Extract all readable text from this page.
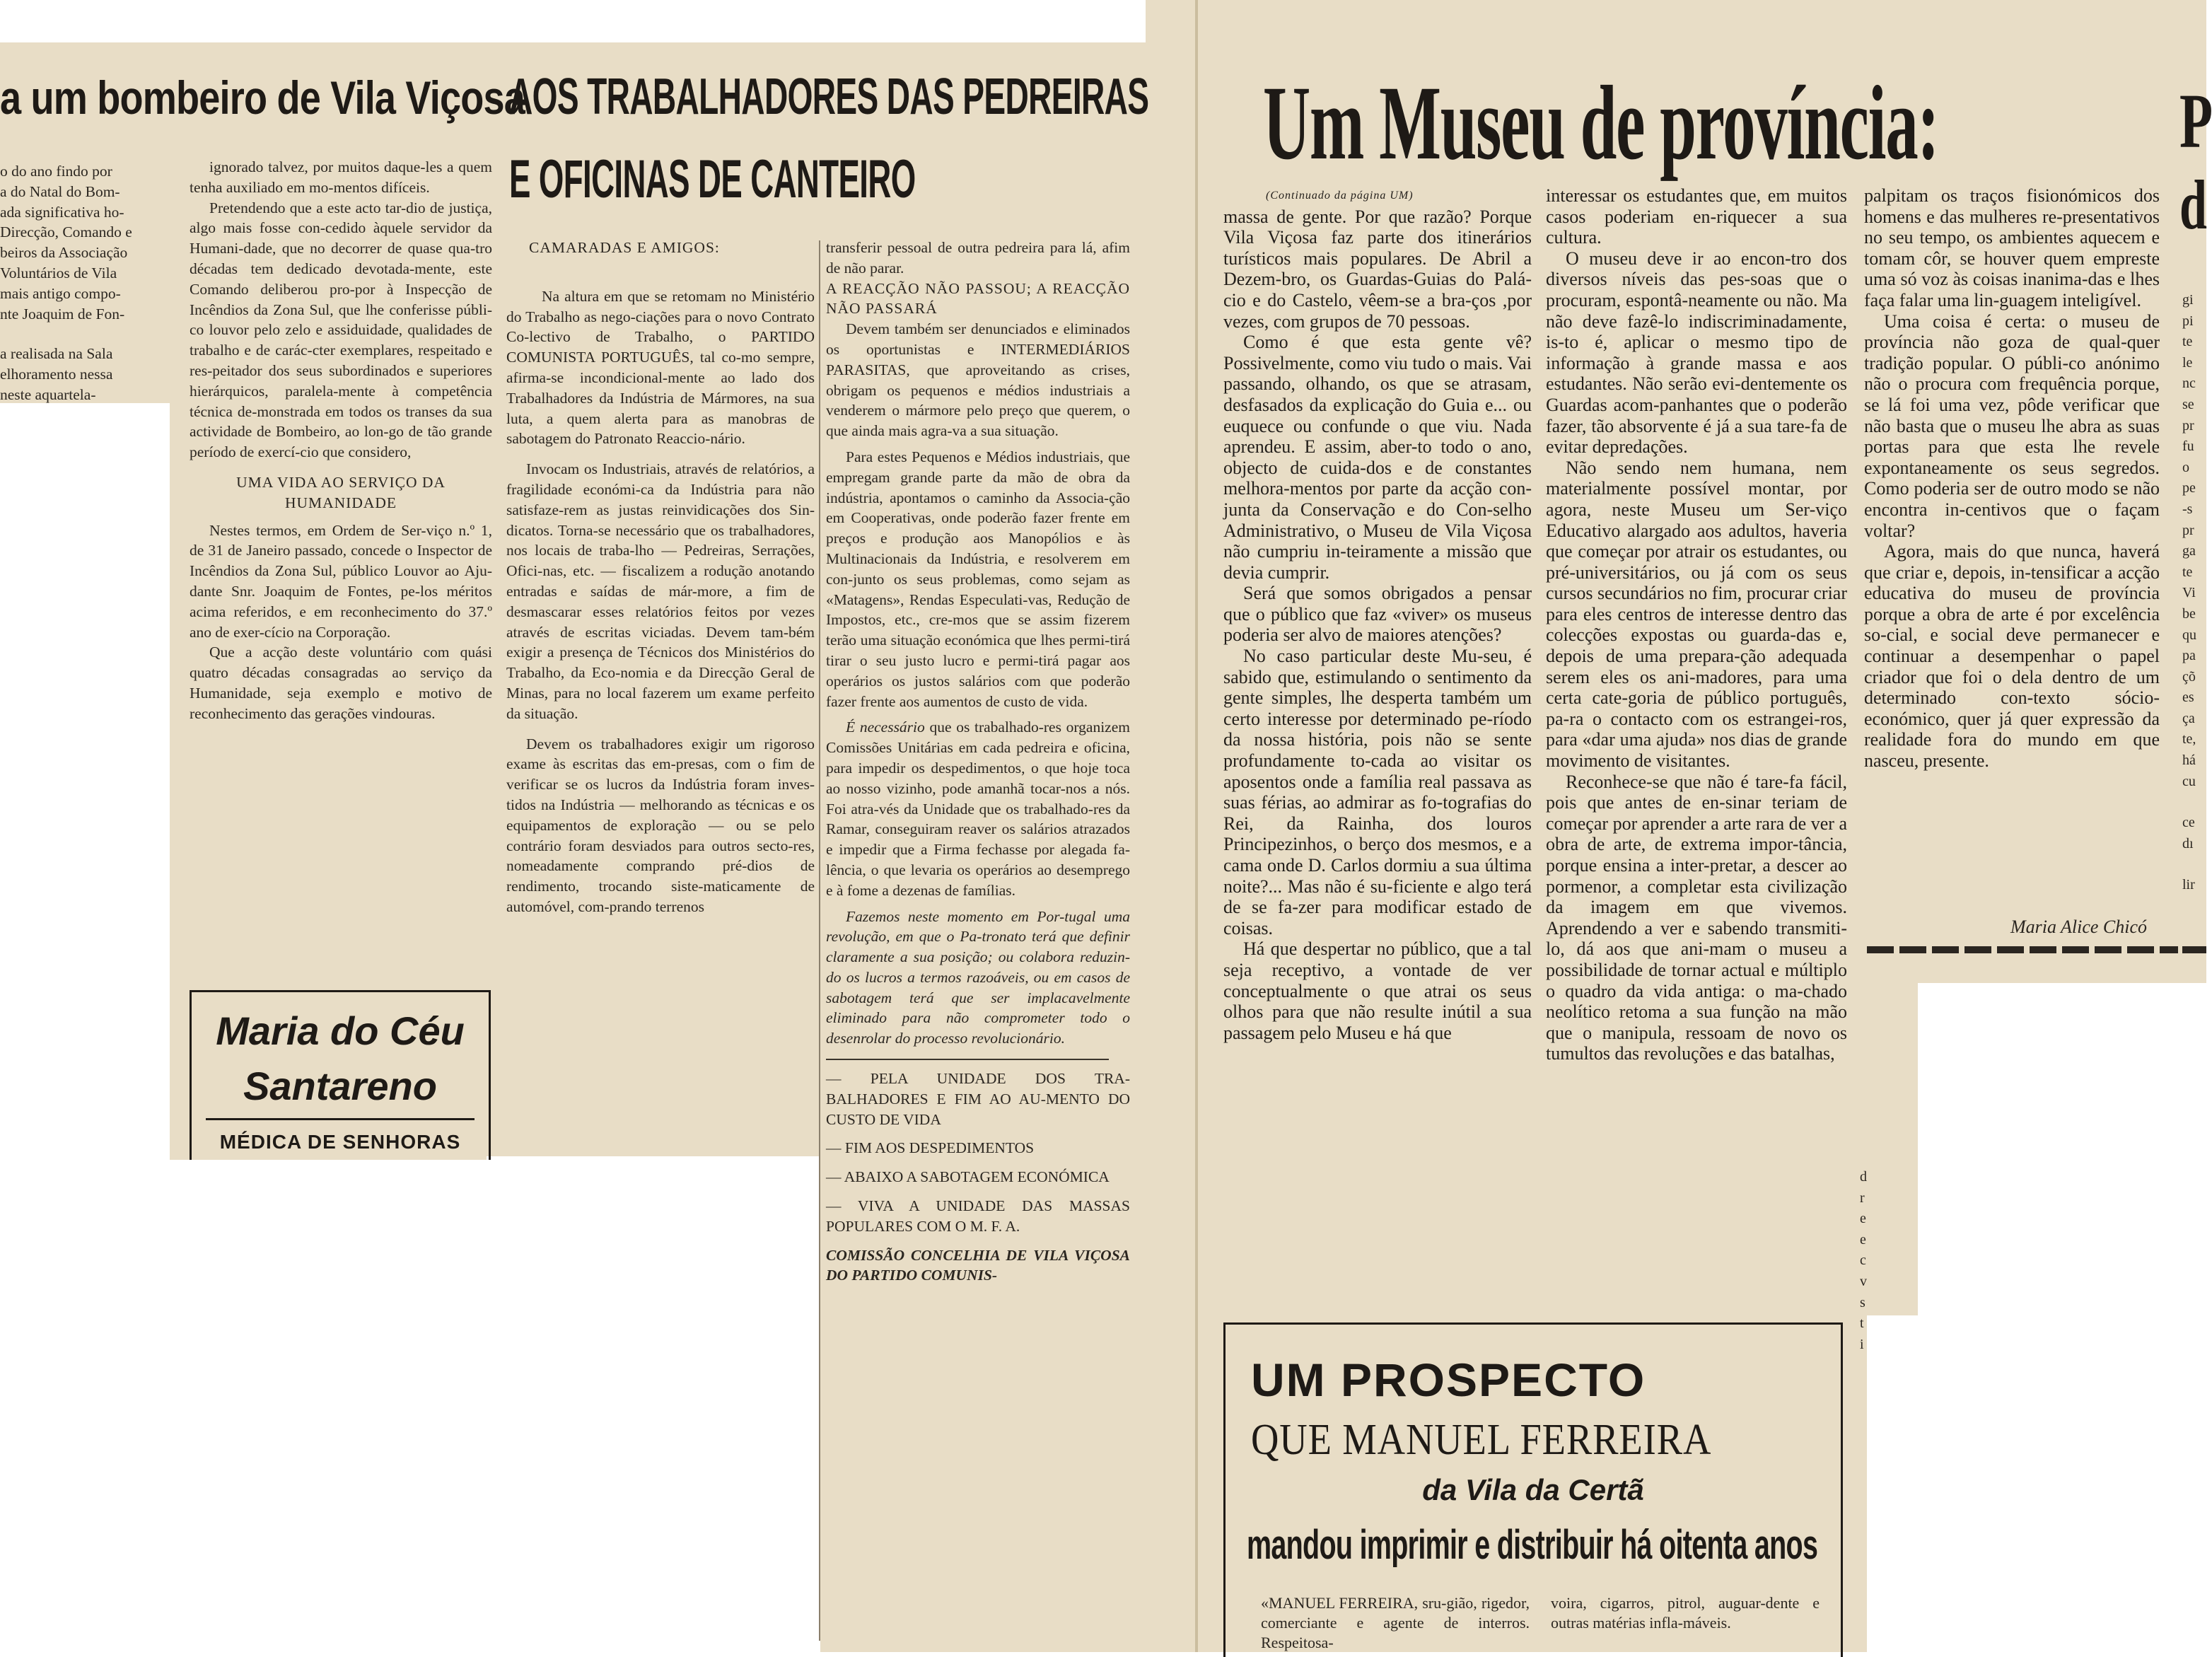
a um bombeiro de Vila Viçosa
o do ano findo por
a do Natal do Bom-
ada significativa ho-
Direcção, Comando e
beiros da Associação
Voluntários de Vila
mais antigo compo-
nte Joaquim de Fon-
a realisada na Sala
elhoramento nessa
neste aquartela-

ignorado talvez, por muitos daque-les a quem tenha auxiliado em mo-mentos difíceis.

Pretendendo que a este acto tar-dio de justiça, algo mais fosse con-cedido àquele servidor da Humani-dade, que no decorrer de quase qua-tro décadas tem dedicado devotada-mente, este Comando deliberou pro-por à Inspecção de Incêndios da Zona Sul, que lhe conferisse públi-co louvor pelo zelo e assiduidade, qualidades de trabalho e de carác-cter exemplares, respeitado e res-peitador dos seus subordinados e superiores hierárquicos, paralela-mente à competência técnica de-monstrada em todos os transes da sua actividade de Bombeiro, ao lon-go de tão grande período de exercí-cio que considero,

UMA VIDA AO SERVIÇO DA HUMANIDADE

Nestes termos, em Ordem de Ser-viço n.º 1, de 31 de Janeiro passado, concede o Inspector de Incêndios da Zona Sul, público Louvor ao Aju-dante Snr. Joaquim de Fontes, pe-los méritos acima referidos, e em reconhecimento do 37.º ano de exer-cício na Corporação.

Que a acção deste voluntário com quási quatro décadas consagradas ao serviço da Humanidade, seja exemplo e motivo de reconhecimento das gerações vindouras.

Maria do Céu
Santareno
MÉDICA DE SENHORAS
AOS TRABALHADORES DAS PEDREIRAS
E OFICINAS DE CANTEIRO

CAMARADAS E AMIGOS:

Na altura em que se retomam no Ministério do Trabalho as nego-ciações para o novo Contrato Co-lectivo de Trabalho, o PARTIDO COMUNISTA PORTUGUÊS, tal co-mo sempre, afirma-se incondicional-mente ao lado dos Trabalhadores da Indústria de Mármores, na sua luta, a quem alerta para as manobras de sabotagem do Patronato Reaccio-nário.

Invocam os Industriais, através de relatórios, a fragilidade económi-ca da Indústria para não satisfaze-rem as justas reinvidicações dos Sin-dicatos. Torna-se necessário que os trabalhadores, nos locais de traba-lho — Pedreiras, Serrações, Ofici-nas, etc. — fiscalizem a rodução anotando entradas e saídas de már-more, a fim de desmascarar esses relatórios feitos por vezes através de escritas viciadas. Devem tam-bém exigir a presença de Técnicos dos Ministérios do Trabalho, da Eco-nomia e da Direcção Geral de Minas, para no local fazerem um exame perfeito da situação.

Devem os trabalhadores exigir um rigoroso exame às escritas das em-presas, com o fim de verificar se os lucros da Indústria foram inves-tidos na Indústria — melhorando as técnicas e os equipamentos de exploração — ou se pelo contrário foram desviados para outros secto-res, nomeadamente comprando pré-dios de rendimento, trocando siste-maticamente de automóvel, com-prando terrenos

transferir pessoal de outra pedreira para lá, afim de não parar.

A REACÇÃO NÃO PASSOU; A REACÇÃO NÃO PASSARÁ

Devem também ser denunciados e eliminados os oportunistas e INTERMEDIÁRIOS PARASITAS, que aproveitando as crises, obrigam os pequenos e médios industriais a venderem o mármore pelo preço que querem, o que ainda mais agra-va a sua situação.

Para estes Pequenos e Médios industriais, que empregam grande parte da mão de obra da indústria, apontamos o caminho da Associa-ção em Cooperativas, onde poderão fazer frente em preços e produção aos Manopólios e às Multinacionais da Indústria, e resolverem em con-junto os seus problemas, como sejam as «Matagens», Rendas Especulati-vas, Redução de Impostos, etc., cre-mos que se assim fizerem terão uma situação económica que lhes permi-tirá tirar o seu justo lucro e permi-tirá pagar aos operários os justos salários com que poderão fazer frente aos aumentos de custo de vida.

É necessário que os trabalhado-res organizem Comissões Unitárias em cada pedreira e oficina, para impedir os despedimentos, o que hoje toca ao nosso vizinho, pode amanhã tocar-nos a nós. Foi atra-vés da Unidade que os trabalhado-res da Ramar, conseguiram reaver os salários atrazados e impedir que a Firma fechasse por alegada fa-lência, o que levaria os operários ao desemprego e à fome a dezenas de famílias.

Fazemos neste momento em Por-tugal uma revolução, em que o Pa-tronato terá que definir claramente a sua posição; ou colabora reduzin-do os lucros a termos razoáveis, ou em casos de sabotagem terá que ser implacavelmente eliminado para não comprometer todo o desenrolar do processo revolucionário.

— PELA UNIDADE DOS TRA-BALHADORES E FIM AO AU-MENTO DO CUSTO DE VIDA

— FIM AOS DESPEDIMENTOS

— ABAIXO A SABOTAGEM ECONÓMICA

— VIVA A UNIDADE DAS MASSAS POPULARES COM O M. F. A.

COMISSÃO CONCELHIA DE VILA VIÇOSA DO PARTIDO COMUNIS-

Um Museu de província:	P
d

(Continuado da página UM)

massa de gente. Por que razão? Porque Vila Viçosa faz parte dos itinerários turísticos mais populares. De Abril a Dezem-bro, os Guardas-Guias do Palá-cio e do Castelo, vêem-se a bra-ços ,por vezes, com grupos de 70 pessoas.

Como é que esta gente vê? Possivelmente, como viu tudo o mais. Vai passando, olhando, os que se atrasam, desfasados da explicação do Guia e... ou euquece ou confunde o que viu. Nada aprendeu. E assim, aber-to todo o ano, objecto de cuida-dos e de constantes melhora-mentos por parte da acção con-junta da Conservação e do Con-selho Administrativo, o Museu de Vila Viçosa não cumpriu in-teiramente a missão que devia cumprir.

Será que somos obrigados a pensar que o público que faz «viver» os museus poderia ser alvo de maiores atenções?

No caso particular deste Mu-seu, é sabido que, estimulando o sentimento da gente simples, lhe desperta também um certo interesse por determinado pe-ríodo da nossa história, pois não se sente profundamente to-cada ao visitar os aposentos onde a família real passava as suas férias, ao admirar as fo-tografias do Rei, da Rainha, dos louros Principezinhos, o berço dos mesmos, e a cama onde D. Carlos dormiu a sua última noite?... Mas não é su-ficiente e algo terá de se fa-zer para modificar estado de coisas.

Há que despertar no público, que a tal seja receptivo, a vontade de ver conceptualmente o que atrai os seus olhos para que não resulte inútil a sua passagem pelo Museu e há que

interessar os estudantes que, em muitos casos poderiam en-riquecer a sua cultura.

O museu deve ir ao encon-tro dos diversos níveis das pes-soas que o procuram, espontâ-neamente ou não. Ma não deve fazê-lo indiscriminadamente, is-to é, aplicar o mesmo tipo de informação à grande massa e aos estudantes. Não serão evi-dentemente os Guardas acom-panhantes que o poderão fazer, tão absorvente é já a sua tare-fa de evitar depredações.

Não sendo nem humana, nem materialmente possível montar, por agora, neste Museu um Ser-viço Educativo alargado aos adultos, haveria que começar por atrair os estudantes, ou pré-universitários, ou já com os seus cursos secundários no fim, procurar criar para eles centros de interesse dentro das colecções expostas ou guarda-das e, depois de uma prepara-ção adequada serem eles os ani-madores, para uma certa cate-goria de público português, pa-ra o contacto com os estrangei-ros, para «dar uma ajuda» nos dias de grande movimento de visitantes.

Reconhece-se que não é tare-fa fácil, pois que antes de en-sinar teriam de começar por aprender a arte rara de ver a obra de arte, de extrema impor-tância, porque ensina a inter-pretar, a descer ao pormenor, a completar esta civilização da imagem em que vivemos. Aprendendo a ver e sabendo transmiti-lo, dá aos que ani-mam o museu a possibilidade de tornar actual e múltiplo o quadro da vida antiga: o ma-chado neolítico retoma a sua função na mão que o manipula, ressoam de novo os tumultos das revoluções e das batalhas,

palpitam os traços fisionómicos dos homens e das mulheres re-presentativos no seu tempo, os ambientes aquecem e tomam côr, se houver quem empreste uma só voz às coisas inanima-das e lhes faça falar uma lin-guagem inteligível.

Uma coisa é certa: o museu de província não goza de qual-quer tradição popular. O públi-co anónimo não o procura com frequência porque, se lá foi uma vez, pôde verificar que não basta que o museu lhe abra as suas portas para que esta lhe revele expontaneamente os seus segredos. Como poderia ser de outro modo se não encontra in-centivos que o façam voltar?

Agora, mais do que nunca, haverá que criar e, depois, in-tensificar a acção educativa do museu de província porque a obra de arte é por excelência so-cial, e social deve permanecer e continuar a desempenhar o papel criador que foi o dela dentro de um determinado con-texto sócio-económico, quer já quer expressão da realidade fora do mundo em que nasceu, presente.

Maria Alice Chicó
gi
pi
te
le
nc
se
pr
fu
o
pe
-s
pr
ga
te
Vi
be
qu
pa
çõ
es
ça
te,
há
cu
ce
dı
lir
d
r
e
e
c
v
s
t
i
UM PROSPECTO
QUE MANUEL FERREIRA
da Vila da Certã
mandou imprimir e distribuir há oitenta anos
«MANUEL FERREIRA, sru-gião, rigedor, comerciante e agente de interros. Respeitosa-
voira, cigarros, pitrol, auguar-dente e outras matérias infla-máveis.
